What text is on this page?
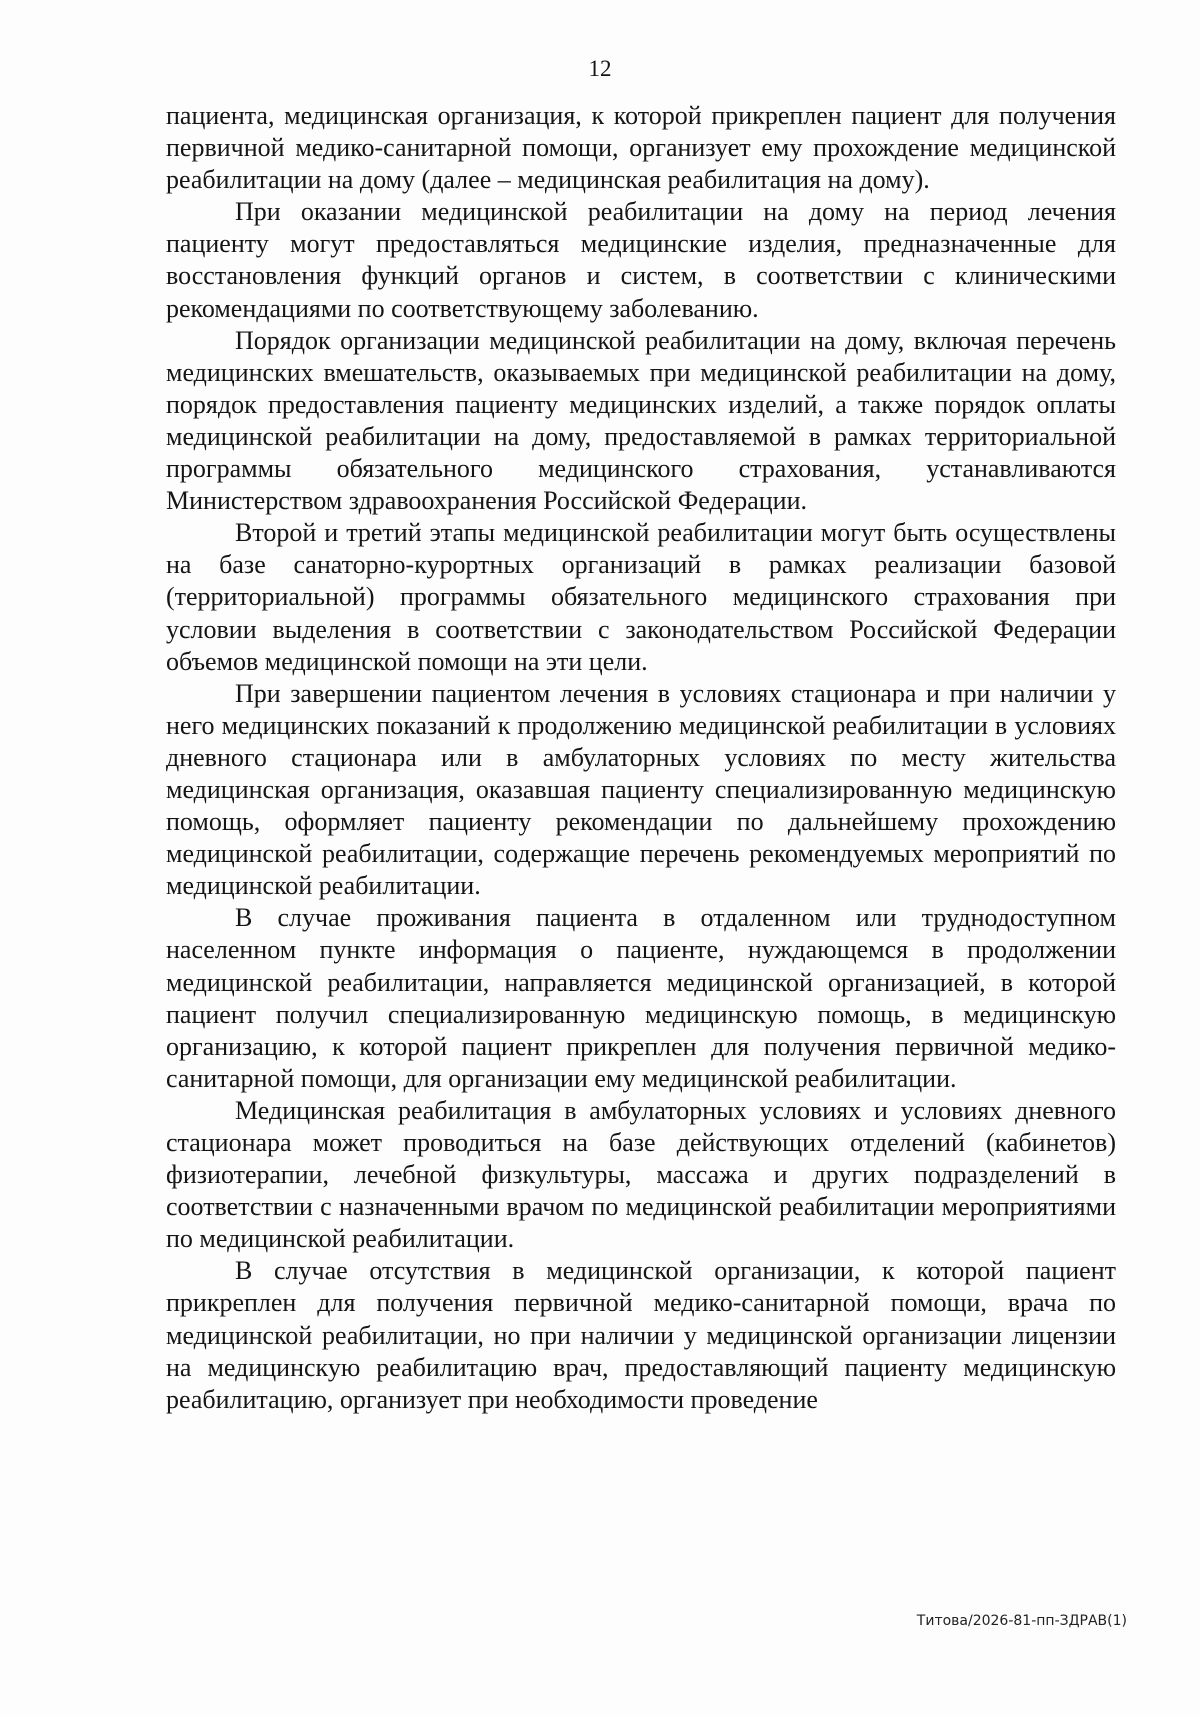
12

пациента, медицинская организация, к которой прикреплен пациент для получения первичной медико-санитарной помощи, организует ему прохождение медицинской реабилитации на дому (далее – медицинская реабилитация на дому).

При оказании медицинской реабилитации на дому на период лечения пациенту могут предоставляться медицинские изделия, предназначенные для восстановления функций органов и систем, в соответствии с клиническими рекомендациями по соответствующему заболеванию.

Порядок организации медицинской реабилитации на дому, включая перечень медицинских вмешательств, оказываемых при медицинской реабилитации на дому, порядок предоставления пациенту медицинских изделий, а также порядок оплаты медицинской реабилитации на дому, предоставляемой в рамках территориальной программы обязательного медицинского страхования, устанавливаются Министерством здравоохранения Российской Федерации.

Второй и третий этапы медицинской реабилитации могут быть осуществлены на базе санаторно-курортных организаций в рамках реализации базовой (территориальной) программы обязательного медицинского страхования при условии выделения в соответствии с законодательством Российской Федерации объемов медицинской помощи на эти цели.

При завершении пациентом лечения в условиях стационара и при наличии у него медицинских показаний к продолжению медицинской реабилитации в условиях дневного стационара или в амбулаторных условиях по месту жительства медицинская организация, оказавшая пациенту специализированную медицинскую помощь, оформляет пациенту рекомендации по дальнейшему прохождению медицинской реабилитации, содержащие перечень рекомендуемых мероприятий по медицинской реабилитации.

В случае проживания пациента в отдаленном или труднодоступном населенном пункте информация о пациенте, нуждающемся в продолжении медицинской реабилитации, направляется медицинской организацией, в которой пациент получил специализированную медицинскую помощь, в медицинскую организацию, к которой пациент прикреплен для получения первичной медико-санитарной помощи, для организации ему медицинской реабилитации.

Медицинская реабилитация в амбулаторных условиях и условиях дневного стационара может проводиться на базе действующих отделений (кабинетов) физиотерапии, лечебной физкультуры, массажа и других подразделений в соответствии с назначенными врачом по медицинской реабилитации мероприятиями по медицинской реабилитации.

В случае отсутствия в медицинской организации, к которой пациент прикреплен для получения первичной медико-санитарной помощи, врача по медицинской реабилитации, но при наличии у медицинской организации лицензии на медицинскую реабилитацию врач, предоставляющий пациенту медицинскую реабилитацию, организует при необходимости проведение

Титова/2026-81-пп-ЗДРАВ(1)
